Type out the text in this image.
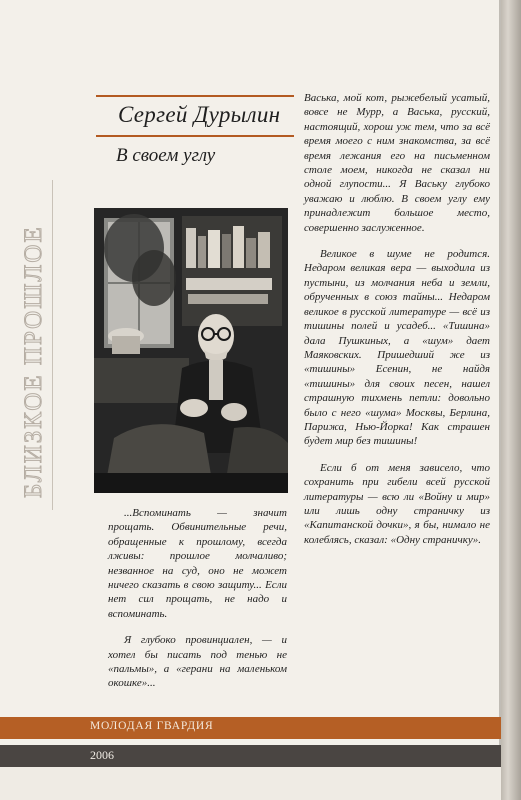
Сергей Дурылин
В своем углу
БЛИЗКОЕ ПРОШЛОЕ

Васька, мой кот, рыжебелый усатый, вовсе не Мурр, а Васька, русский, настоящий, хорош уж тем, что за всё время моего с ним знакомства, за всё время лежания его на письменном столе моем, никогда не сказал ни одной глупости... Я Ваську глубоко уважаю и люблю. В своем углу ему принадлежит большое место, совершенно заслуженное.

Великое в шуме не родится. Недаром великая вера — выходила из пустыни, из молчания неба и земли, обрученных в союз тайны... Недаром великое в русской литературе — всё из тишины полей и усадеб... «Тишина» дала Пушкиных, а «шум» дает Маяковских. Пришедший же из «тишины» Есенин, не найдя «тишины» для своих песен, нашел страшную тихмень петли: довольно было с него «шума» Москвы, Берлина, Парижа, Нью-Йорка! Как страшен будет мир без тишины!

Если б от меня зависело, что сохранить при гибели всей русской литературы — всю ли «Войну и мир» или лишь одну страничку из «Капитанской дочки», я бы, нимало не колеблясь, сказал: «Одну страничку».

...Вспоминать — значит прощать. Обвинительные речи, обращенные к прошлому, всегда лживы: прошлое молчаливо; незванное на суд, оно не может ничего сказать в свою защиту... Если нет сил прощать, не надо и вспоминать.

Я глубоко провинциален, — и хотел бы писать под тенью не «пальмы», а «герани на маленьком окошке»...

МОЛОДАЯ ГВАРДИЯ
2006
